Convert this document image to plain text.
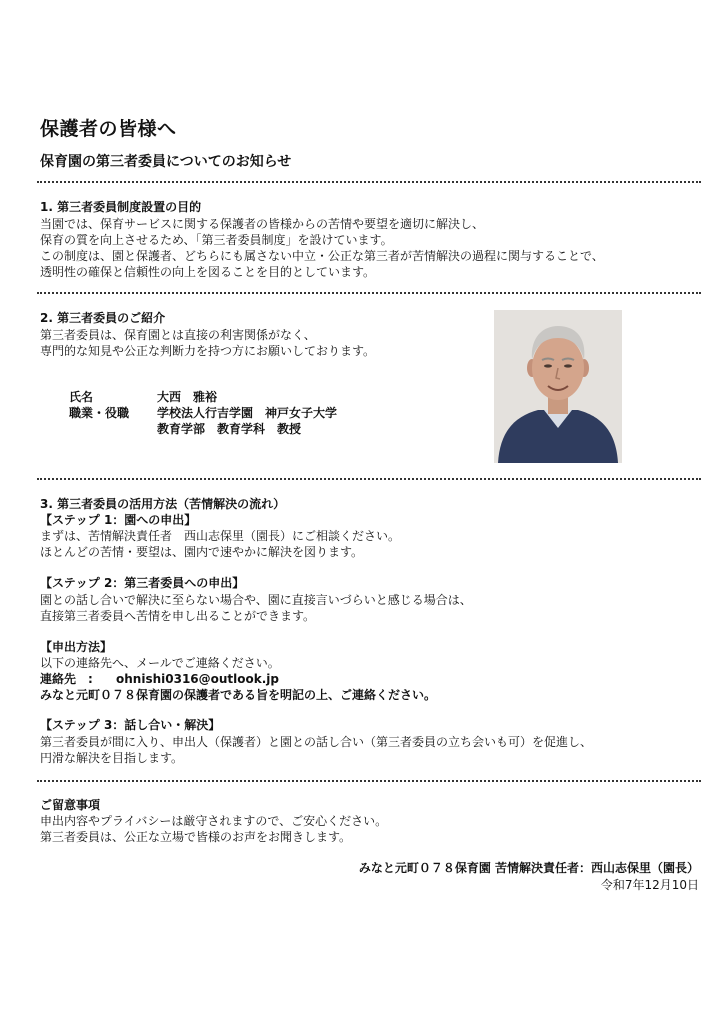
保護者の皆様へ
保育園の第三者委員についてのお知らせ
1. 第三者委員制度設置の目的
当園では、保育サービスに関する保護者の皆様からの苦情や要望を適切に解決し、
保育の質を向上させるため、「第三者委員制度」を設けています。
この制度は、園と保護者、どちらにも属さない中立・公正な第三者が苦情解決の過程に関与することで、
透明性の確保と信頼性の向上を図ることを目的としています。
2. 第三者委員のご紹介
第三者委員は、保育園とは直接の利害関係がなく、
専門的な知見や公正な判断力を持つ方にお願いしております。
氏名	大西　雅裕
職業・役職 学校法人行吉学園　神戸女子大学
教育学部　教育学科　教授
3. 第三者委員の活用方法（苦情解決の流れ）
【ステップ 1：園への申出】
まずは、苦情解決責任者　西山志保里（園長）にご相談ください。
ほとんどの苦情・要望は、園内で速やかに解決を図ります。
【ステップ 2：第三者委員への申出】
園との話し合いで解決に至らない場合や、園に直接言いづらいと感じる場合は、
直接第三者委員へ苦情を申し出ることができます。
【申出方法】
以下の連絡先へ、メールでご連絡ください。
連絡先　: ohnishi0316@outlook.jp
みなと元町０７８保育園の保護者である旨を明記の上、ご連絡ください。
【ステップ 3：話し合い・解決】
第三者委員が間に入り、申出人（保護者）と園との話し合い（第三者委員の立ち会いも可）を促進し、
円滑な解決を目指します。
ご留意事項
申出内容やプライバシーは厳守されますので、ご安心ください。
第三者委員は、公正な立場で皆様のお声をお聞きします。
みなと元町０７８保育園 苦情解決責任者：西山志保里（園長）
令和7年12月10日
